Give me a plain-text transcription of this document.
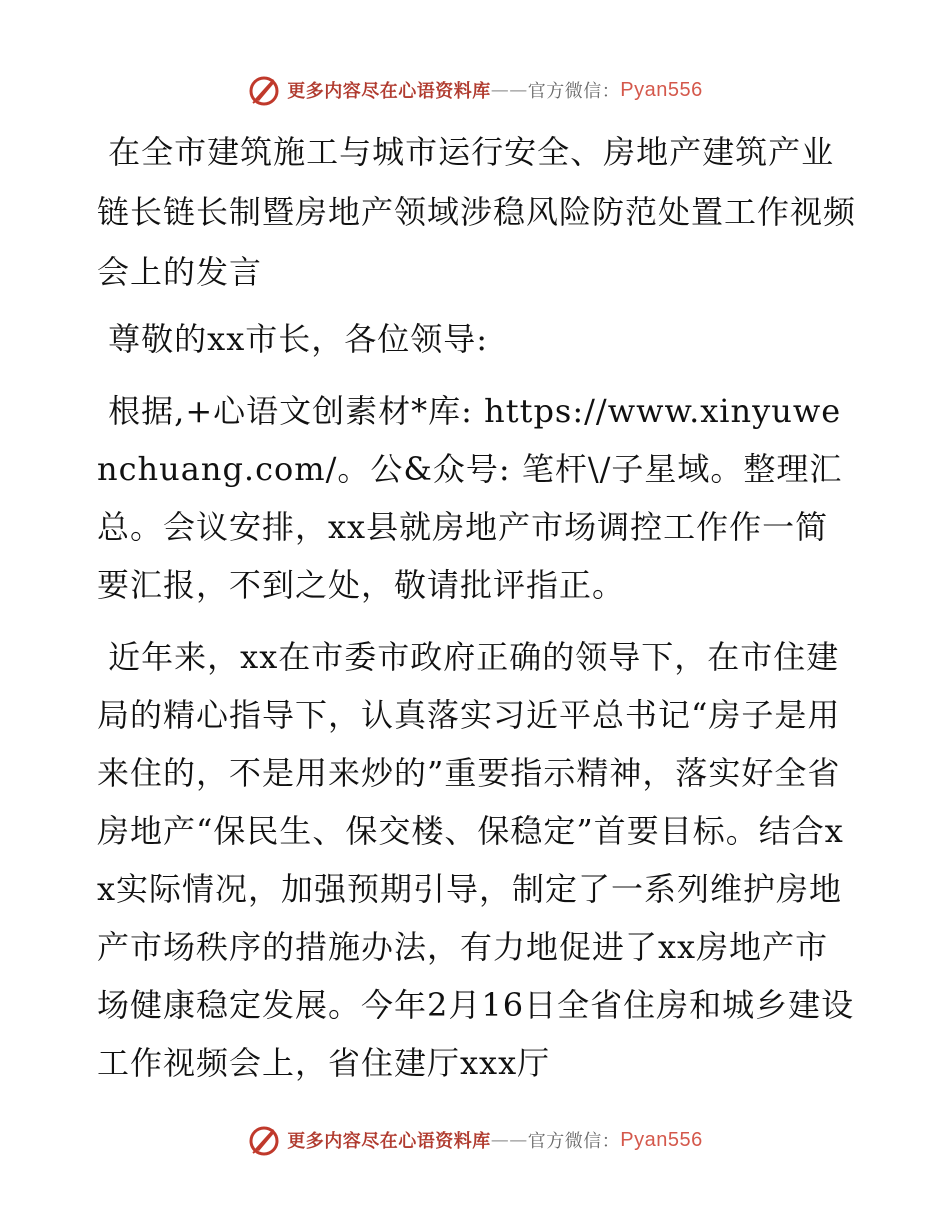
更多内容尽在心语资料库 —— 官方微信： Pyan556

在全市建筑施工与城市运行安全、房地产建筑产业链长链长制暨房地产领域涉稳风险防范处置工作视频会上的发言

尊敬的xx市长，各位领导:

根据,+心语文创素材*库: https://www.xinyuwenchuang.com/。公&众号: 笔杆\/子星域。整理汇总。会议安排，xx县就房地产市场调控工作作一简要汇报，不到之处，敬请批评指正。

近年来，xx在市委市政府正确的领导下，在市住建局的精心指导下，认真落实习近平总书记“房子是用来住的，不是用来炒的”重要指示精神，落实好全省房地产“保民生、保交楼、保稳定”首要目标。结合xx实际情况，加强预期引导，制定了一系列维护房地产市场秩序的措施办法，有力地促进了xx房地产市场健康稳定发展。今年2月16日全省住房和城乡建设工作视频会上，省住建厅xxx厅

更多内容尽在心语资料库 —— 官方微信： Pyan556
